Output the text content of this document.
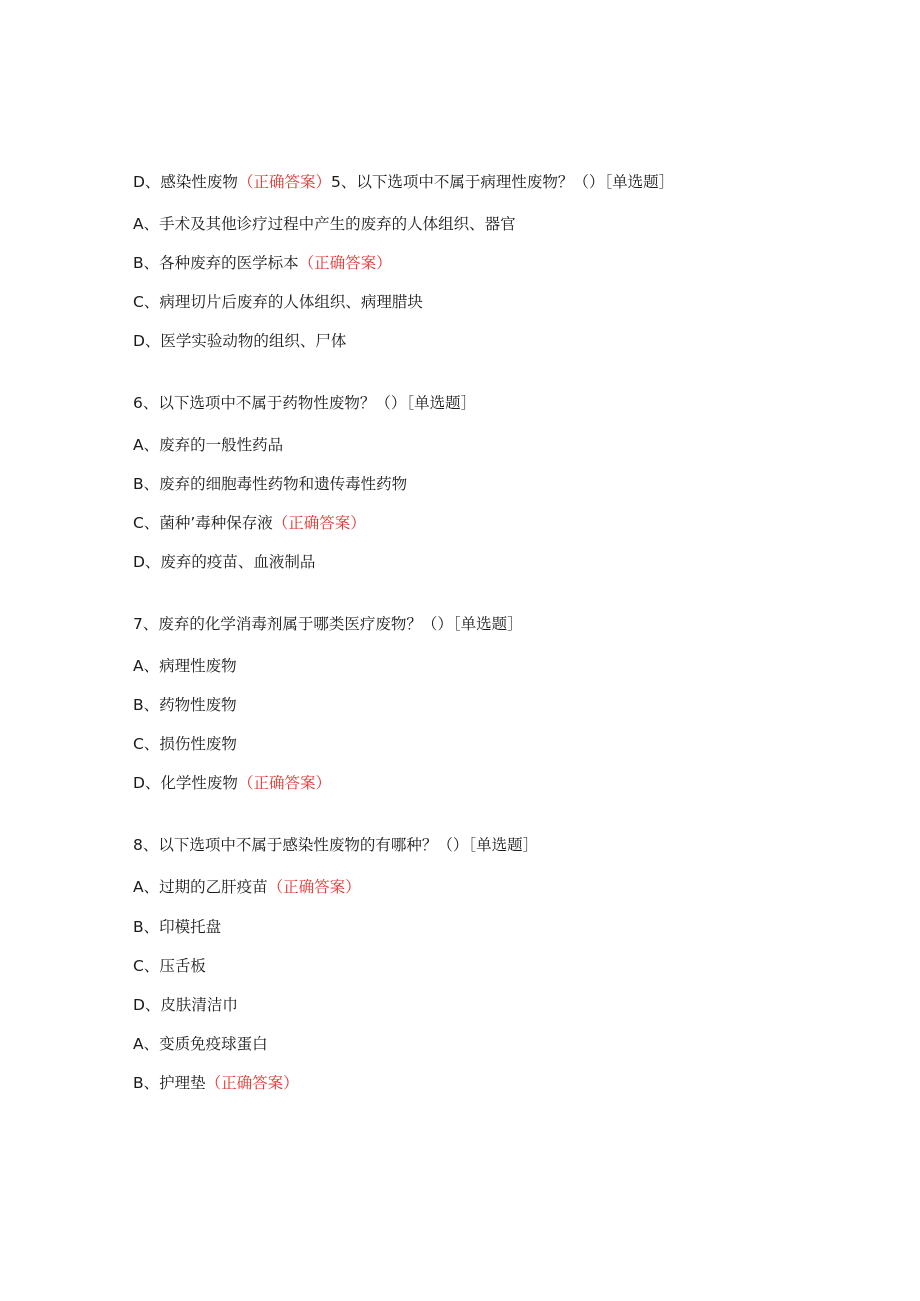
D、感染性废物（正确答案）5、以下选项中不属于病理性废物？（）［单选题］
A、手术及其他诊疗过程中产生的废弃的人体组织、器官
B、各种废弃的医学标本（正确答案）
C、病理切片后废弃的人体组织、病理腊块
D、医学实验动物的组织、尸体
6、以下选项中不属于药物性废物？（）［单选题］
A、废弃的一般性药品
B、废弃的细胞毒性药物和遗传毒性药物
C、菌种’毒种保存液（正确答案）
D、废弃的疫苗、血液制品
7、废弃的化学消毒剂属于哪类医疗废物？（）［单选题］
A、病理性废物
B、药物性废物
C、损伤性废物
D、化学性废物（正确答案）
8、以下选项中不属于感染性废物的有哪种？（）［单选题］
A、过期的乙肝疫苗（正确答案）
B、印模托盘
C、压舌板
D、皮肤清洁巾
A、变质免疫球蛋白
B、护理垫（正确答案）
